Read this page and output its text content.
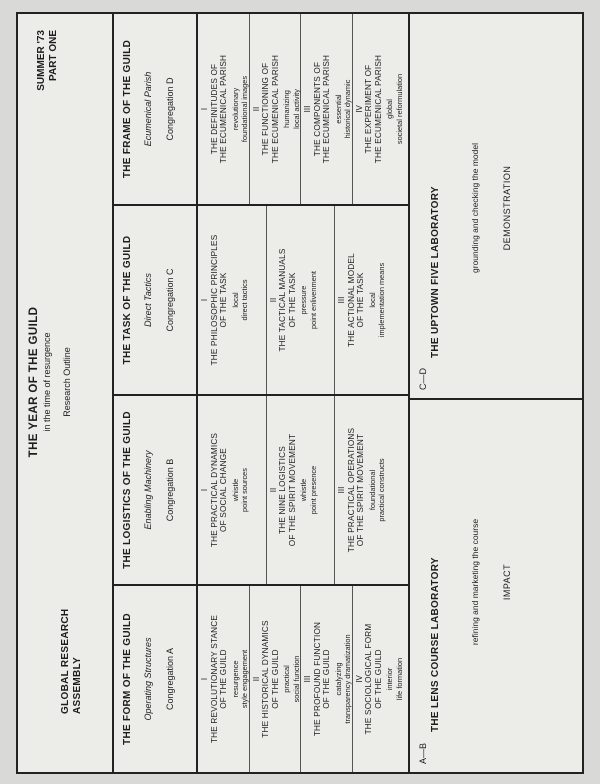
GLOBAL RESEARCH ASSEMBLY
THE YEAR OF THE GUILD in the time of resurgence Research Outline
SUMMER '73 PART ONE
THE FORM OF THE GUILD Operating Structures Congregation A	I THE REVOLUTIONARY STANCE OF THE GUILD resurgence style engagement II THE HISTORICAL DYNAMICS OF THE GUILD practical social function III THE PROFOUND FUNCTION OF THE GUILD catalyzing transparency dramatization IV THE SOCIOLOGICAL FORM OF THE GUILD interior life formation
THE LOGISTICS OF THE GUILD Enabling Machinery Congregation B	I THE PRACTICAL DYNAMICS OF SOCIAL CHANGE whistle point sources II THE NINE LOGISTICS OF THE SPIRIT MOVEMENT whistle point presence III THE PRACTICAL OPERATIONS OF THE SPIRIT MOVEMENT foundational practical constructs
THE TASK OF THE GUILD Direct Tactics Congregation C	I THE PHILOSOPHIC PRINCIPLES OF THE TASK local direct tactics II THE TACTICAL MANUALS OF THE TASK pressure point enlivenment III THE ACTIONAL MODEL OF THE TASK local implementation means
THE FRAME OF THE GUILD Ecumenical Parish Congregation D	I THE DEFINITUDES OF THE ECUMENICAL PARISH revolutionary foundational images II THE FUNCTIONING OF THE ECUMENICAL PARISH humanizing local activity III THE COMPONENTS OF THE ECUMENICAL PARISH essential historical dynamic IV THE EXPERIMENT OF THE ECUMENICAL PARISH global societal reformulation
A—B
THE LENS COURSE LABORATORY	refining and marketing the course IMPACT
C—D
THE UPTOWN FIVE LABORATORY	grounding and checking the model DEMONSTRATION
